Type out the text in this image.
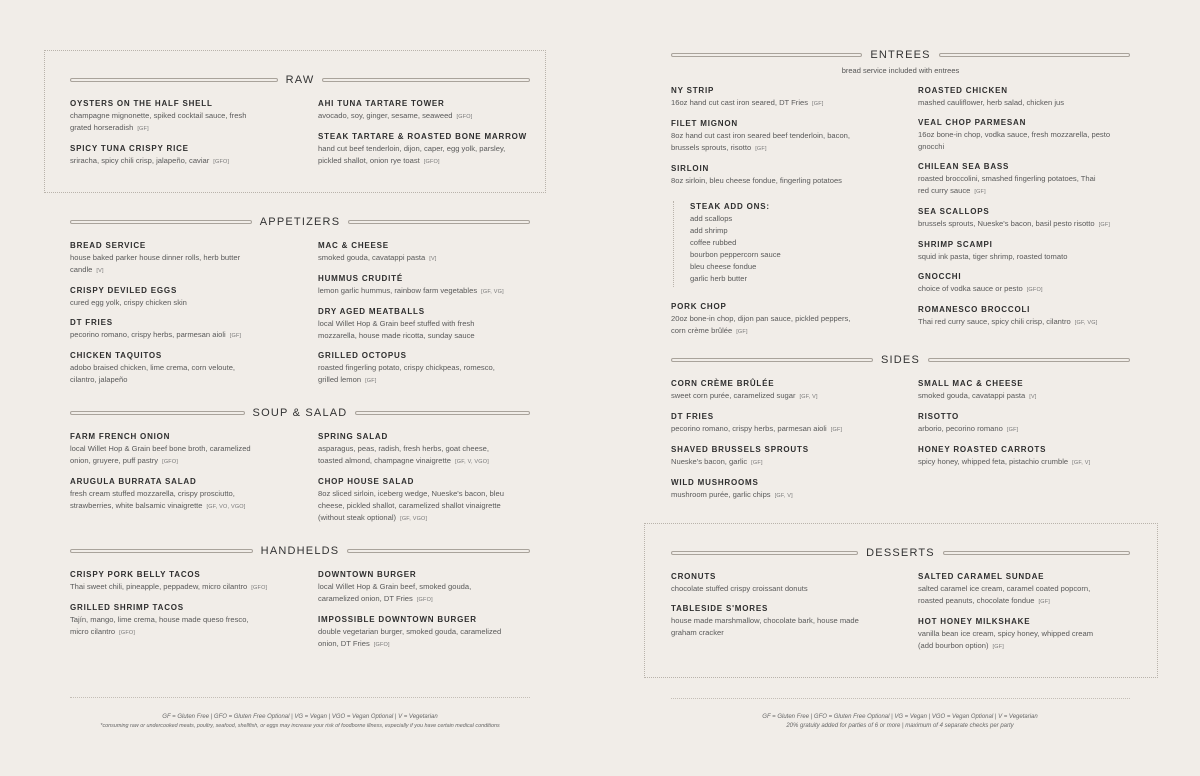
RAW
OYSTERS ON THE HALF SHELL
champagne mignonette, spiked cocktail sauce, fresh
grated horseradish [GF]
SPICY TUNA CRISPY RICE
sriracha, spicy chili crisp, jalapeño, caviar [GFO]
AHI TUNA TARTARE TOWER
avocado, soy, ginger, sesame, seaweed [GFO]
STEAK TARTARE & ROASTED BONE MARROW
hand cut beef tenderloin, dijon, caper, egg yolk, parsley,
pickled shallot, onion rye toast [GFO]
APPETIZERS
BREAD SERVICE
house baked parker house dinner rolls, herb butter
candle [V]
CRISPY DEVILED EGGS
cured egg yolk, crispy chicken skin
DT FRIES
pecorino romano, crispy herbs, parmesan aioli [GF]
CHICKEN TAQUITOS
adobo braised chicken, lime crema, corn veloute,
cilantro, jalapeño
MAC & CHEESE
smoked gouda, cavatappi pasta [V]
HUMMUS CRUDITÉ
lemon garlic hummus, rainbow farm vegetables [GF, VG]
DRY AGED MEATBALLS
local Willet Hop & Grain beef stuffed with fresh
mozzarella, house made ricotta, sunday sauce
GRILLED OCTOPUS
roasted fingerling potato, crispy chickpeas, romesco,
grilled lemon [GF]
SOUP & SALAD
FARM FRENCH ONION
local Willet Hop & Grain beef bone broth, caramelized
onion, gruyere, puff pastry [GFO]
ARUGULA BURRATA SALAD
fresh cream stuffed mozzarella, crispy prosciutto,
strawberries, white balsamic vinaigrette [GF, VO, VGO]
SPRING SALAD
asparagus, peas, radish, fresh herbs, goat cheese,
toasted almond, champagne vinaigrette [GF, V, VGO]
CHOP HOUSE SALAD
8oz sliced sirloin, iceberg wedge, Nueske's bacon, bleu
cheese, pickled shallot, caramelized shallot vinaigrette
(without steak optional) [GF, VGO]
HANDHELDS
CRISPY PORK BELLY TACOS
Thai sweet chili, pineapple, peppadew, micro cilantro [GFO]
GRILLED SHRIMP TACOS
Tajín, mango, lime crema, house made queso fresco,
micro cilantro [GFO]
DOWNTOWN BURGER
local Willet Hop & Grain beef, smoked gouda,
caramelized onion, DT Fries [GFO]
IMPOSSIBLE DOWNTOWN BURGER
double vegetarian burger, smoked gouda, caramelized
onion, DT Fries [GFO]
ENTREES
bread service included with entrees
NY STRIP
16oz hand cut cast iron seared, DT Fries [GF]
FILET MIGNON
8oz hand cut cast iron seared beef tenderloin, bacon,
brussels sprouts, risotto [GF]
SIRLOIN
8oz sirloin, bleu cheese fondue, fingerling potatoes
ROASTED CHICKEN
mashed cauliflower, herb salad, chicken jus
VEAL CHOP PARMESAN
16oz bone-in chop, vodka sauce, fresh mozzarella, pesto
gnocchi
CHILEAN SEA BASS
roasted broccolini, smashed fingerling potatoes, Thai
red curry sauce [GF]
SEA SCALLOPS
brussels sprouts, Nueske's bacon, basil pesto risotto [GF]
SHRIMP SCAMPI
squid ink pasta, tiger shrimp, roasted tomato
GNOCCHI
choice of vodka sauce or pesto [GFO]
ROMANESCO BROCCOLI
Thai red curry sauce, spicy chili crisp, cilantro [GF, VG]
SIDES
CORN CRÈME BRÛLÉE
sweet corn purée, caramelized sugar [GF, V]
DT FRIES
pecorino romano, crispy herbs, parmesan aioli [GF]
SHAVED BRUSSELS SPROUTS
Nueske's bacon, garlic [GF]
WILD MUSHROOMS
mushroom purée, garlic chips [GF, V]
SMALL MAC & CHEESE
smoked gouda, cavatappi pasta [V]
RISOTTO
arborio, pecorino romano [GF]
HONEY ROASTED CARROTS
spicy honey, whipped feta, pistachio crumble [GF, V]
DESSERTS
CRONUTS
chocolate stuffed crispy croissant donuts
TABLESIDE S'MORES
house made marshmallow, chocolate bark, house made
graham cracker
SALTED CARAMEL SUNDAE
salted caramel ice cream, caramel coated popcorn,
roasted peanuts, chocolate fondue [GF]
HOT HONEY MILKSHAKE
vanilla bean ice cream, spicy honey, whipped cream
(add bourbon option) [GF]
STEAK ADD ONS:
add scallops
add shrimp
coffee rubbed
bourbon peppercorn sauce
bleu cheese fondue
garlic herb butter
PORK CHOP
20oz bone-in chop, dijon pan sauce, pickled peppers,
corn crème brûlée [GF]
GF = Gluten Free | GFO = Gluten Free Optional | VG = Vegan | VGO = Vegan Optional | V = Vegetarian
*consuming raw or undercooked meats, poultry, seafood, shellfish, or eggs may increase your risk of foodborne illness, especially if you have certain medical conditions
GF = Gluten Free | GFO = Gluten Free Optional | VG = Vegan | VGO = Vegan Optional | V = Vegetarian
20% gratuity added for parties of 6 or more | maximum of 4 separate checks per party
